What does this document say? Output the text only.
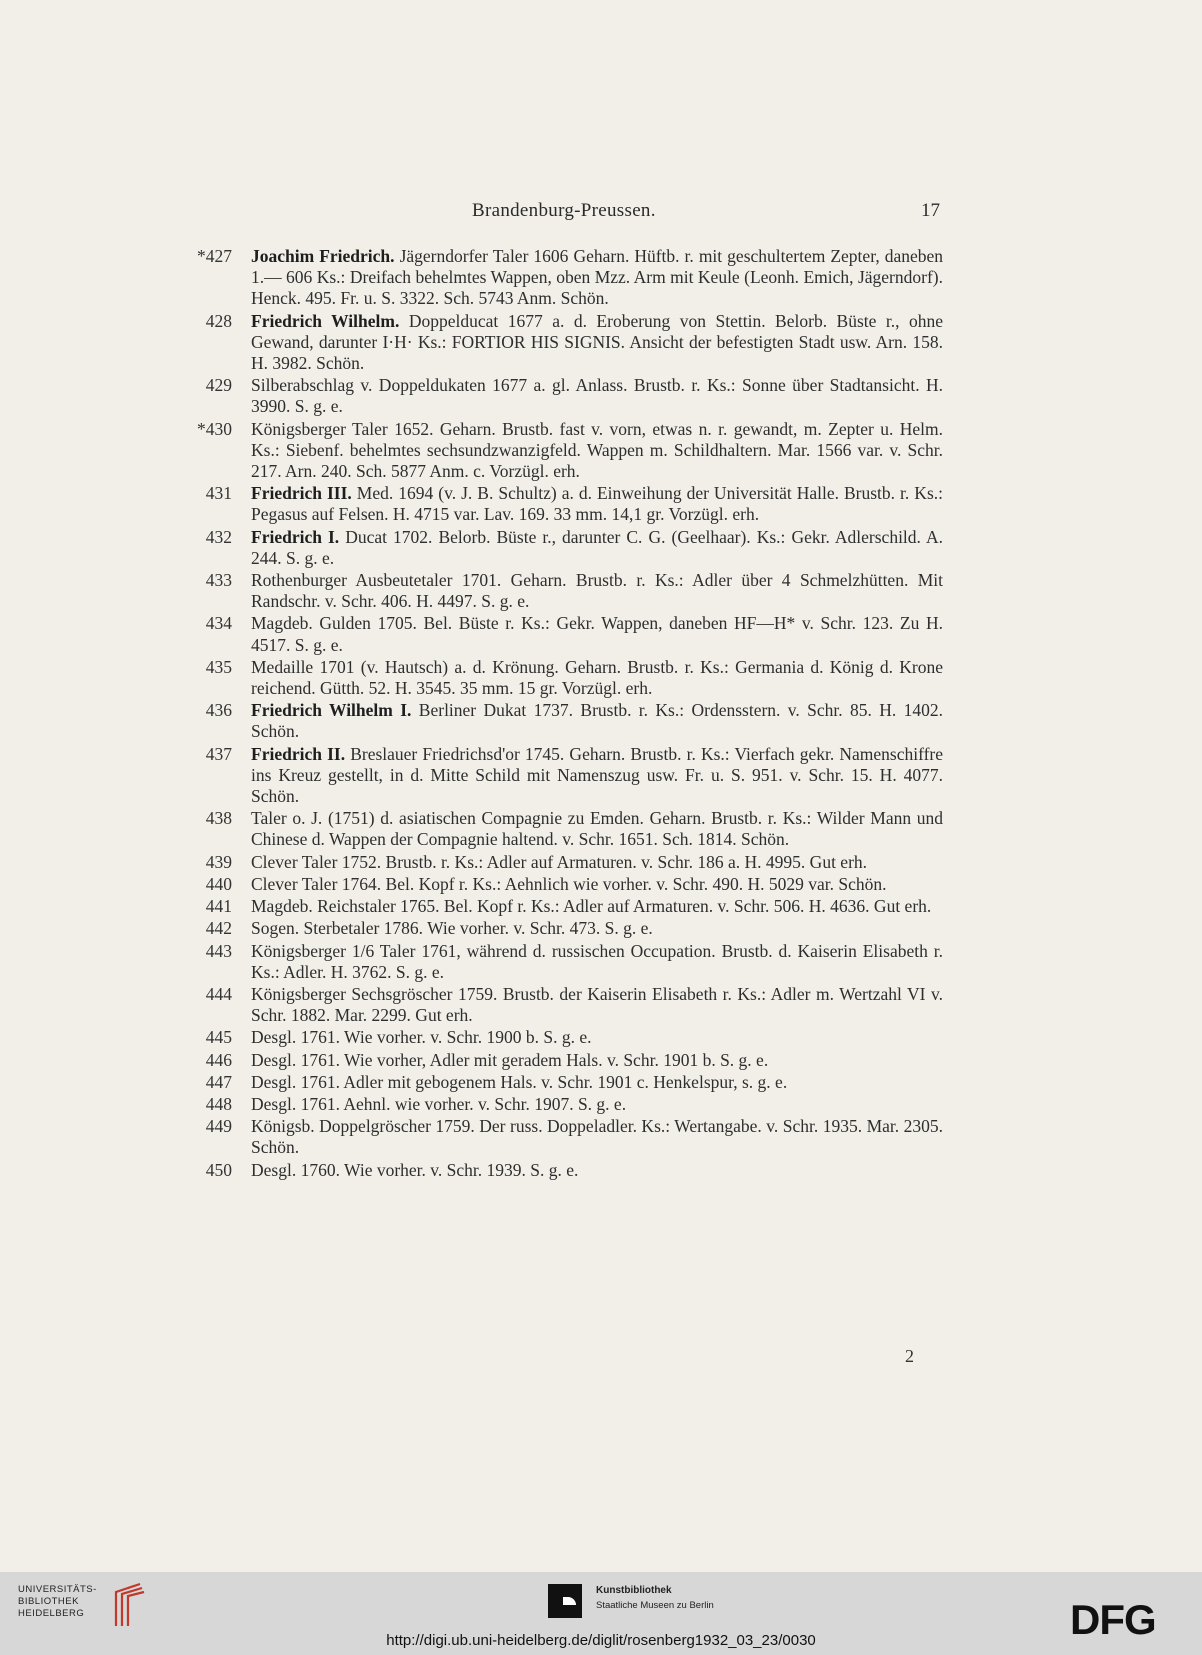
Brandenburg-Preussen.	17
*427 Joachim Friedrich. Jägerndorfer Taler 1606 Geharn. Hüftb. r. mit geschultertem Zepter, daneben 1.— 606 Ks.: Dreifach behelmtes Wappen, oben Mzz. Arm mit Keule (Leonh. Emich, Jägerndorf). Henck. 495. Fr. u. S. 3322. Sch. 5743 Anm. Schön.
428 Friedrich Wilhelm. Doppelducat 1677 a. d. Eroberung von Stettin. Belorb. Büste r., ohne Gewand, darunter I·H· Ks.: FORTIOR HIS SIGNIS. Ansicht der befestigten Stadt usw. Arn. 158. H. 3982. Schön.
429 Silberabschlag v. Doppeldukaten 1677 a. gl. Anlass. Brustb. r. Ks.: Sonne über Stadtansicht. H. 3990. S. g. e.
*430 Königsberger Taler 1652. Geharn. Brustb. fast v. vorn, etwas n. r. gewandt, m. Zepter u. Helm. Ks.: Siebenf. behelmtes sechsundzwanzigfeld. Wappen m. Schildhaltern. Mar. 1566 var. v. Schr. 217. Arn. 240. Sch. 5877 Anm. c. Vorzügl. erh.
431 Friedrich III. Med. 1694 (v. J. B. Schultz) a. d. Einweihung der Universität Halle. Brustb. r. Ks.: Pegasus auf Felsen. H. 4715 var. Lav. 169. 33 mm. 14,1 gr. Vorzügl. erh.
432 Friedrich I. Ducat 1702. Belorb. Büste r., darunter C. G. (Geelhaar). Ks.: Gekr. Adlerschild. A. 244. S. g. e.
433 Rothenburger Ausbeutetaler 1701. Geharn. Brustb. r. Ks.: Adler über 4 Schmelzhütten. Mit Randschr. v. Schr. 406. H. 4497. S. g. e.
434 Magdeb. Gulden 1705. Bel. Büste r. Ks.: Gekr. Wappen, daneben HF—H* v. Schr. 123. Zu H. 4517. S. g. e.
435 Medaille 1701 (v. Hautsch) a. d. Krönung. Geharn. Brustb. r. Ks.: Germania d. König d. Krone reichend. Gütth. 52. H. 3545. 35 mm. 15 gr. Vorzügl. erh.
436 Friedrich Wilhelm I. Berliner Dukat 1737. Brustb. r. Ks.: Ordensstern. v. Schr. 85. H. 1402. Schön.
437 Friedrich II. Breslauer Friedrichsd'or 1745. Geharn. Brustb. r. Ks.: Vierfach gekr. Namenschiffre ins Kreuz gestellt, in d. Mitte Schild mit Namenszug usw. Fr. u. S. 951. v. Schr. 15. H. 4077. Schön.
438 Taler o. J. (1751) d. asiatischen Compagnie zu Emden. Geharn. Brustb. r. Ks.: Wilder Mann und Chinese d. Wappen der Compagnie haltend. v. Schr. 1651. Sch. 1814. Schön.
439 Clever Taler 1752. Brustb. r. Ks.: Adler auf Armaturen. v. Schr. 186 a. H. 4995. Gut erh.
440 Clever Taler 1764. Bel. Kopf r. Ks.: Aehnlich wie vorher. v. Schr. 490. H. 5029 var. Schön.
441 Magdeb. Reichstaler 1765. Bel. Kopf r. Ks.: Adler auf Armaturen. v. Schr. 506. H. 4636. Gut erh.
442 Sogen. Sterbetaler 1786. Wie vorher. v. Schr. 473. S. g. e.
443 Königsberger 1/6 Taler 1761, während d. russischen Occupation. Brustb. d. Kaiserin Elisabeth r. Ks.: Adler. H. 3762. S. g. e.
444 Königsberger Sechsgröscher 1759. Brustb. der Kaiserin Elisabeth r. Ks.: Adler m. Wertzahl VI v. Schr. 1882. Mar. 2299. Gut erh.
445 Desgl. 1761. Wie vorher. v. Schr. 1900 b. S. g. e.
446 Desgl. 1761. Wie vorher, Adler mit geradem Hals. v. Schr. 1901 b. S. g. e.
447 Desgl. 1761. Adler mit gebogenem Hals. v. Schr. 1901 c. Henkelspur, s. g. e.
448 Desgl. 1761. Aehnl. wie vorher. v. Schr. 1907. S. g. e.
449 Königsb. Doppelgröscher 1759. Der russ. Doppeladler. Ks.: Wertangabe. v. Schr. 1935. Mar. 2305. Schön.
450 Desgl. 1760. Wie vorher. v. Schr. 1939. S. g. e.
2
UNIVERSITÄTS-
BIBLIOTHEK
HEIDELBERG
Kunstbibliothek
Staatliche Museen zu Berlin	DFG
http://digi.ub.uni-heidelberg.de/diglit/rosenberg1932_03_23/0030
